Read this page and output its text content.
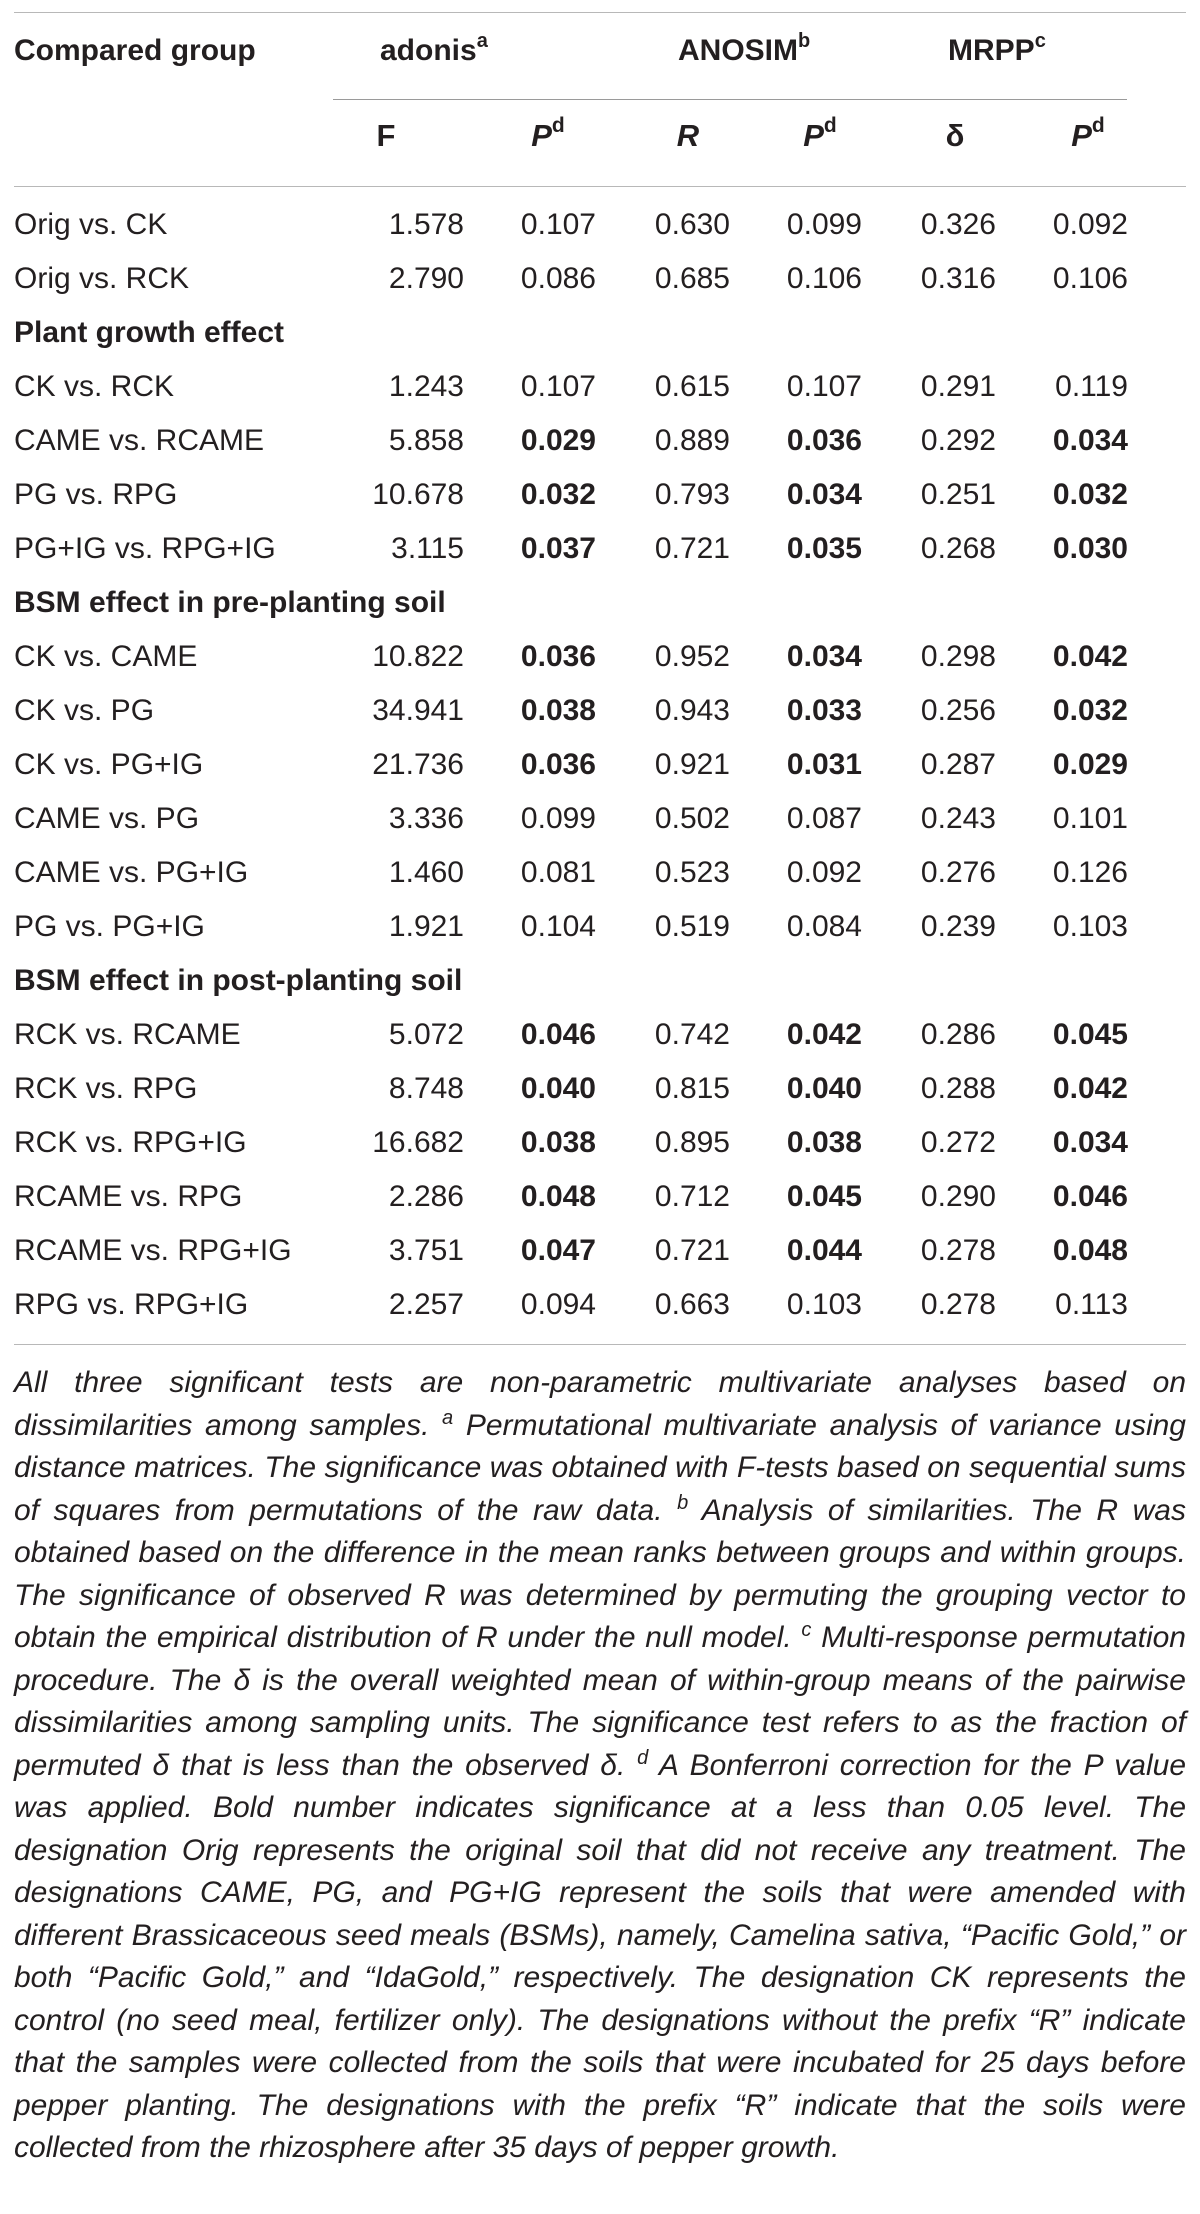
Compared group	adonis$^a$	ANOSIM$^b$	MRPP$^c$
F	$P^d$	R	$P^d$	δ	$P^d$
Orig vs. CK	1.578	0.107	0.630	0.099	0.326	0.092
Orig vs. RCK	2.790	0.086	0.685	0.106	0.316	0.106
Plant growth effect
CK vs. RCK	1.243	0.107	0.615	0.107	0.291	0.119
CAME vs. RCAME	5.858	0.029	0.889	0.036	0.292	0.034
PG vs. RPG	10.678	0.032	0.793	0.034	0.251	0.032
PG+IG vs. RPG+IG	3.115	0.037	0.721	0.035	0.268	0.030
BSM effect in pre-planting soil
CK vs. CAME	10.822	0.036	0.952	0.034	0.298	0.042
CK vs. PG	34.941	0.038	0.943	0.033	0.256	0.032
CK vs. PG+IG	21.736	0.036	0.921	0.031	0.287	0.029
CAME vs. PG	3.336	0.099	0.502	0.087	0.243	0.101
CAME vs. PG+IG	1.460	0.081	0.523	0.092	0.276	0.126
PG vs. PG+IG	1.921	0.104	0.519	0.084	0.239	0.103
BSM effect in post-planting soil
RCK vs. RCAME	5.072	0.046	0.742	0.042	0.286	0.045
RCK vs. RPG	8.748	0.040	0.815	0.040	0.288	0.042
RCK vs. RPG+IG	16.682	0.038	0.895	0.038	0.272	0.034
RCAME vs. RPG	2.286	0.048	0.712	0.045	0.290	0.046
RCAME vs. RPG+IG	3.751	0.047	0.721	0.044	0.278	0.048
RPG vs. RPG+IG	2.257	0.094	0.663	0.103	0.278	0.113
All three significant tests are non-parametric multivariate analyses based on dissimilarities among samples. $^a$ Permutational multivariate analysis of variance using distance matrices. The significance was obtained with F-tests based on sequential sums of squares from permutations of the raw data. $^b$ Analysis of similarities. The R was obtained based on the difference in the mean ranks between groups and within groups. The significance of observed R was determined by permuting the grouping vector to obtain the empirical distribution of R under the null model. $^c$ Multi-response permutation procedure. The δ is the overall weighted mean of within-group means of the pairwise dissimilarities among sampling units. The significance test refers to as the fraction of permuted δ that is less than the observed δ. $^d$ A Bonferroni correction for the P value was applied. Bold number indicates significance at a less than 0.05 level. The designation Orig represents the original soil that did not receive any treatment. The designations CAME, PG, and PG+IG represent the soils that were amended with different Brassicaceous seed meals (BSMs), namely, Camelina sativa, “Pacific Gold,” or both “Pacific Gold,” and “IdaGold,” respectively. The designation CK represents the control (no seed meal, fertilizer only). The designations without the prefix “R” indicate that the samples were collected from the soils that were incubated for 25 days before pepper planting. The designations with the prefix “R” indicate that the soils were collected from the rhizosphere after 35 days of pepper growth.
